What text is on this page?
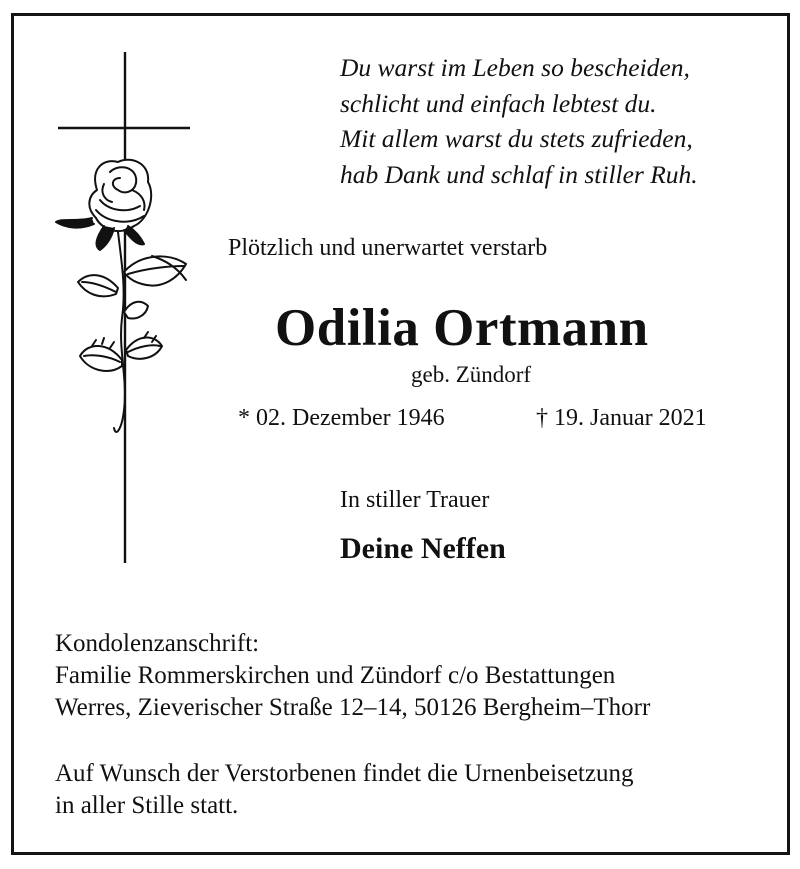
Du warst im Leben so bescheiden,
schlicht und einfach lebtest du.
Mit allem warst du stets zufrieden,
hab Dank und schlaf in stiller Ruh.
Plötzlich und unerwartet verstarb
Odilia Ortmann
geb. Zündorf
* 02. Dezember 1946	† 19. Januar 2021
In stiller Trauer
Deine Neffen
Kondolenzanschrift:
Familie Rommerskirchen und Zündorf c/o Bestattungen
Werres, Zieverischer Straße 12–14, 50126 Bergheim–Thorr
Auf Wunsch der Verstorbenen findet die Urnenbeisetzung
in aller Stille statt.
